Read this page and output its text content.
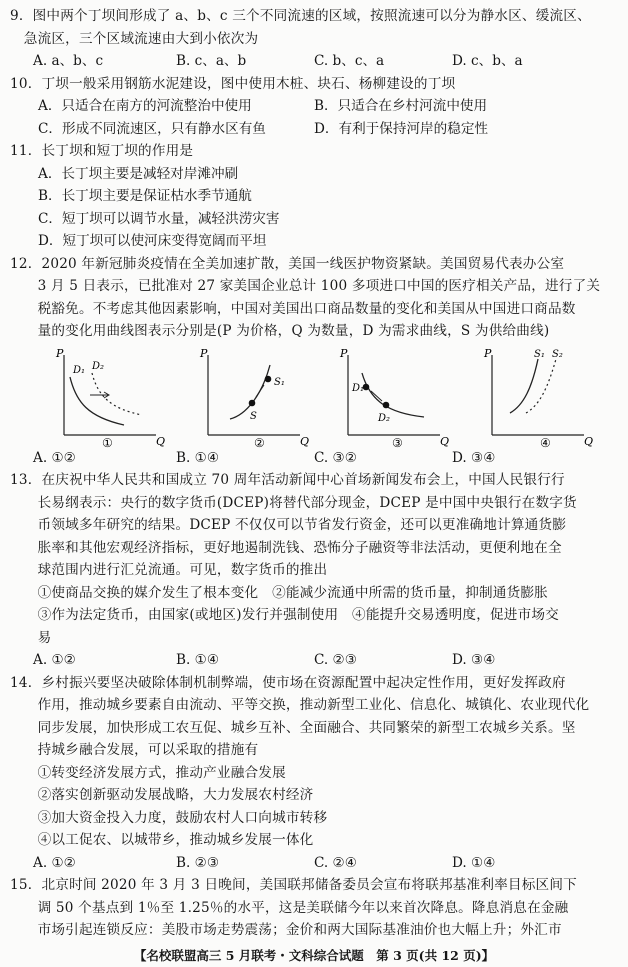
9．图中两个丁坝间形成了 a、b、c 三个不同流速的区域，按照流速可以分为静水区、缓流区、
　急流区，三个区域流速由大到小依次为
A. a、b、c	B. c、a、b	C. b、c、a	D. c、b、a
10．丁坝一般采用钢筋水泥建设，图中使用木桩、块石、杨柳建设的丁坝
A．只适合在南方的河流整治中使用	B．只适合在乡村河流中使用
C．形成不同流速区，只有静水区有鱼	D．有利于保持河岸的稳定性
11．长丁坝和短丁坝的作用是
A．长丁坝主要是减轻对岸滩冲刷
B．长丁坝主要是保证枯水季节通航
C．短丁坝可以调节水量，减轻洪涝灾害
D．短丁坝可以使河床变得宽阔而平坦
12．2020 年新冠肺炎疫情在全美加速扩散，美国一线医护物资紧缺。美国贸易代表办公室
　　3 月 5 日表示，已批准对 27 家美国企业总计 100 多项进口中国的医疗相关产品，进行了关
　　税豁免。不考虑其他因素影响，中国对美国出口商品数量的变化和美国从中国进口商品数
P
Q
D₁ D₂
①
P
Q
S₁
S
②
P
Q
D₁
D₂
③
P
Q
S₁ S₂
④
A. ①②	B. ①④	C. ③②	D. ③④
13．在庆祝中华人民共和国成立 70 周年活动新闻中心首场新闻发布会上，中国人民银行行
　　长易纲表示：央行的数字货币(DCEP)将替代部分现金，DCEP 是中国中央银行在数字货
　　币领域多年研究的结果。DCEP 不仅仅可以节省发行资金，还可以更准确地计算通货膨
　　胀率和其他宏观经济指标，更好地遏制洗钱、恐怖分子融资等非法活动，更便利地在全
　　球范围内进行汇兑流通。可见，数字货币的推出
　　①使商品交换的媒介发生了根本变化　②能减少流通中所需的货币量，抑制通货膨胀
　　③作为法定货币，由国家(或地区)发行并强制使用　④能提升交易透明度，促进市场交
　　易
A. ①②	B. ①④	C. ②③	D. ③④
14．乡村振兴要坚决破除体制机制弊端，使市场在资源配置中起决定性作用，更好发挥政府
　　作用，推动城乡要素自由流动、平等交换，推动新型工业化、信息化、城镇化、农业现代化
　　同步发展，加快形成工农互促、城乡互补、全面融合、共同繁荣的新型工农城乡关系。坚
　　持城乡融合发展，可以采取的措施有
　　①转变经济发展方式，推动产业融合发展
　　②落实创新驱动发展战略，大力发展农村经济
　　③加大资金投入力度，鼓励农村人口向城市转移
　　④以工促农、以城带乡，推动城乡发展一体化
A. ①②	B. ②③	C. ②④	D. ①④
15．北京时间 2020 年 3 月 3 日晚间，美国联邦储备委员会宣布将联邦基准利率目标区间下
【名校联盟高三 5 月联考・文科综合试题　第 3 页(共 12 页)】
　　量的变化用曲线图表示分别是(P 为价格，Q 为数量，D 为需求曲线，S 为供给曲线)
　　调 50 个基点到 1％至 1.25％的水平，这是美联储今年以来首次降息。降息消息在金融
　　市场引起连锁反应：美股市场走势震荡；金价和两大国际基准油价也大幅上升；外汇市
